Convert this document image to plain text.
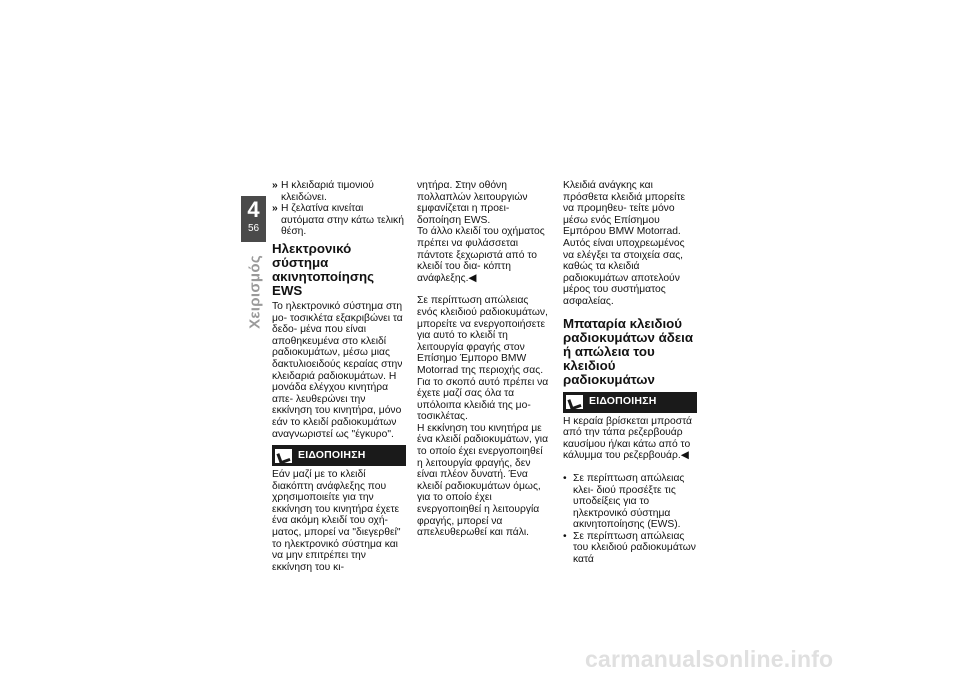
4
56
Χειρισμός
» Η κλειδαριά τιμονιού κλειδώνει.
» Η ζελατίνα κινείται αυτόματα στην κάτω τελική θέση.
Ηλεκτρονικό σύστημα ακινητοποίησης EWS

Το ηλεκτρονικό σύστημα στη μο- τοσικλέτα εξακριβώνει τα δεδο- μένα που είναι αποθηκευμένα στο κλειδί ραδιοκυμάτων, μέσω μιας δακτυλιοειδούς κεραίας στην κλειδαριά ραδιοκυμάτων. Η μονάδα ελέγχου κινητήρα απε- λευθερώνει την εκκίνηση του κινητήρα, μόνο εάν το κλειδί ραδιοκυμάτων αναγνωριστεί ως "έγκυρο".

ΕΙΔΟΠΟΙΗΣΗ

Εάν μαζί με το κλειδί διακόπτη ανάφλεξης που χρησιμοποιείτε για την εκκίνηση του κινητήρα έχετε ένα ακόμη κλειδί του οχή- ματος, μπορεί να "διεγερθεί" το ηλεκτρονικό σύστημα και να μην επιτρέπει την εκκίνηση του κι-

νητήρα. Στην οθόνη πολλαπλών λειτουργιών εμφανίζεται η προει- δοποίηση EWS.

Το άλλο κλειδί του οχήματος πρέπει να φυλάσσεται πάντοτε ξεχωριστά από το κλειδί του δια- κόπτη ανάφλεξης.◀

Σε περίπτωση απώλειας ενός κλειδιού ραδιοκυμάτων, μπορείτε να ενεργοποιήσετε για αυτό το κλειδί τη λειτουργία φραγής στον Επίσημο Έμπορο BMW Motorrad της περιοχής σας. Για το σκοπό αυτό πρέπει να έχετε μαζί σας όλα τα υπόλοιπα κλειδιά της μο- τοσικλέτας.

Η εκκίνηση του κινητήρα με ένα κλειδί ραδιοκυμάτων, για το οποίο έχει ενεργοποιηθεί η λειτουργία φραγής, δεν είναι πλέον δυνατή. Ένα κλειδί ραδιοκυμάτων όμως, για το οποίο έχει ενεργοποιηθεί η λειτουργία φραγής, μπορεί να απελευθερωθεί και πάλι.

Κλειδιά ανάγκης και πρόσθετα κλειδιά μπορείτε να προμηθευ- τείτε μόνο μέσω ενός Επίσημου Εμπόρου BMW Motorrad. Αυτός είναι υποχρεωμένος να ελέγξει τα στοιχεία σας, καθώς τα κλειδιά ραδιοκυμάτων αποτελούν μέρος του συστήματος ασφαλείας.

Μπαταρία κλειδιού ραδιοκυμάτων άδεια ή απώλεια του κλειδιού ραδιοκυμάτων
ΕΙΔΟΠΟΙΗΣΗ

Η κεραία βρίσκεται μπροστά από την τάπα ρεζερβουάρ καυσίμου ή/και κάτω από το κάλυμμα του ρεζερβουάρ.◀

• Σε περίπτωση απώλειας κλει- διού προσέξτε τις υποδείξεις για το ηλεκτρονικό σύστημα ακινητοποίησης (EWS).
• Σε περίπτωση απώλειας του κλειδιού ραδιοκυμάτων κατά
carmanualsonline.info
